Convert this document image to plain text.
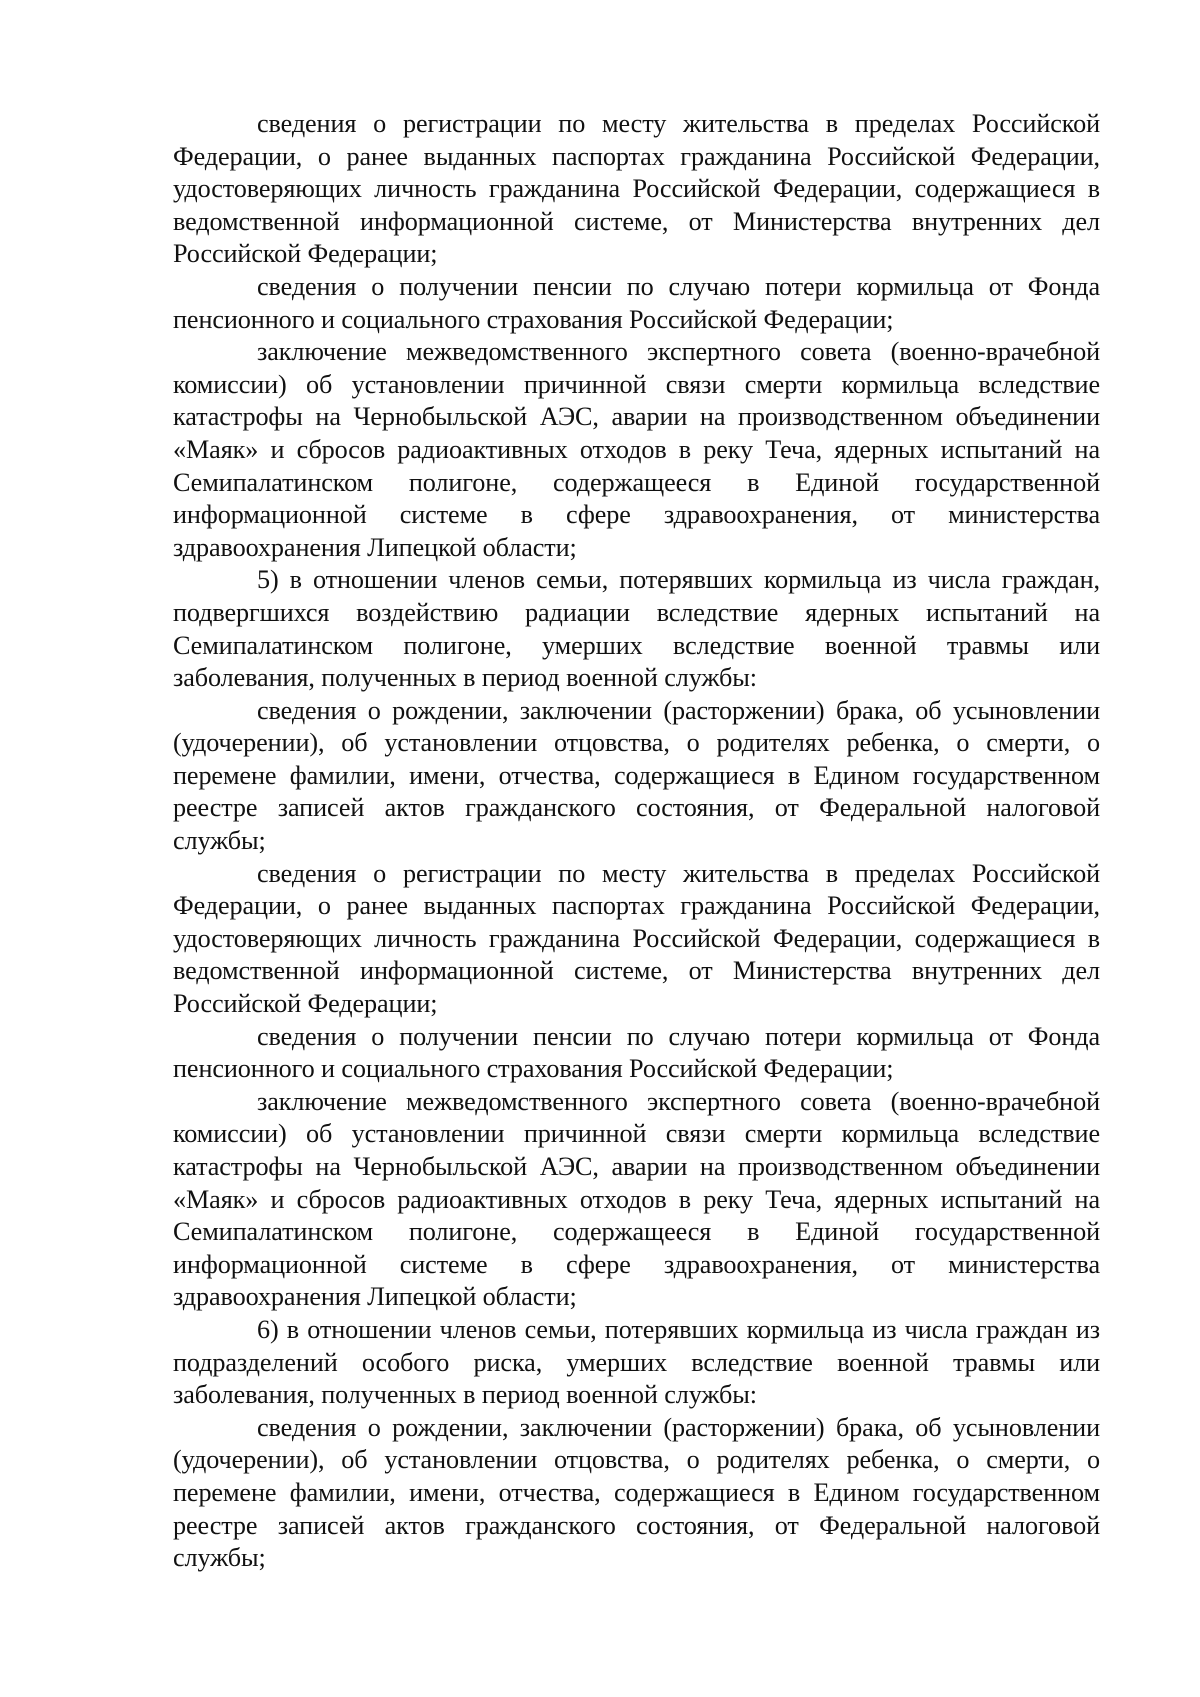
сведения о регистрации по месту жительства в пределах Российской Федерации, о ранее выданных паспортах гражданина Российской Федерации, удостоверяющих личность гражданина Российской Федерации, содержащиеся в ведомственной информационной системе, от Министерства внутренних дел Российской Федерации;

сведения о получении пенсии по случаю потери кормильца от Фонда пенсионного и социального страхования Российской Федерации;

заключение межведомственного экспертного совета (военно-врачебной комиссии) об установлении причинной связи смерти кормильца вследствие катастрофы на Чернобыльской АЭС, аварии на производственном объединении «Маяк» и сбросов радиоактивных отходов в реку Теча, ядерных испытаний на Семипалатинском полигоне, содержащееся в Единой государственной информационной системе в сфере здравоохранения, от министерства здравоохранения Липецкой области;

5) в отношении членов семьи, потерявших кормильца из числа граждан, подвергшихся воздействию радиации вследствие ядерных испытаний на Семипалатинском полигоне, умерших вследствие военной травмы или заболевания, полученных в период военной службы:

сведения о рождении, заключении (расторжении) брака, об усыновлении (удочерении), об установлении отцовства, о родителях ребенка, о смерти, о перемене фамилии, имени, отчества, содержащиеся в Едином государственном реестре записей актов гражданского состояния, от Федеральной налоговой службы;

сведения о регистрации по месту жительства в пределах Российской Федерации, о ранее выданных паспортах гражданина Российской Федерации, удостоверяющих личность гражданина Российской Федерации, содержащиеся в ведомственной информационной системе, от Министерства внутренних дел Российской Федерации;

сведения о получении пенсии по случаю потери кормильца от Фонда пенсионного и социального страхования Российской Федерации;

заключение межведомственного экспертного совета (военно-врачебной комиссии) об установлении причинной связи смерти кормильца вследствие катастрофы на Чернобыльской АЭС, аварии на производственном объединении «Маяк» и сбросов радиоактивных отходов в реку Теча, ядерных испытаний на Семипалатинском полигоне, содержащееся в Единой государственной информационной системе в сфере здравоохранения, от министерства здравоохранения Липецкой области;

6) в отношении членов семьи, потерявших кормильца из числа граждан из подразделений особого риска, умерших вследствие военной травмы или заболевания, полученных в период военной службы:

сведения о рождении, заключении (расторжении) брака, об усыновлении (удочерении), об установлении отцовства, о родителях ребенка, о смерти, о перемене фамилии, имени, отчества, содержащиеся в Едином государственном реестре записей актов гражданского состояния, от Федеральной налоговой службы;
